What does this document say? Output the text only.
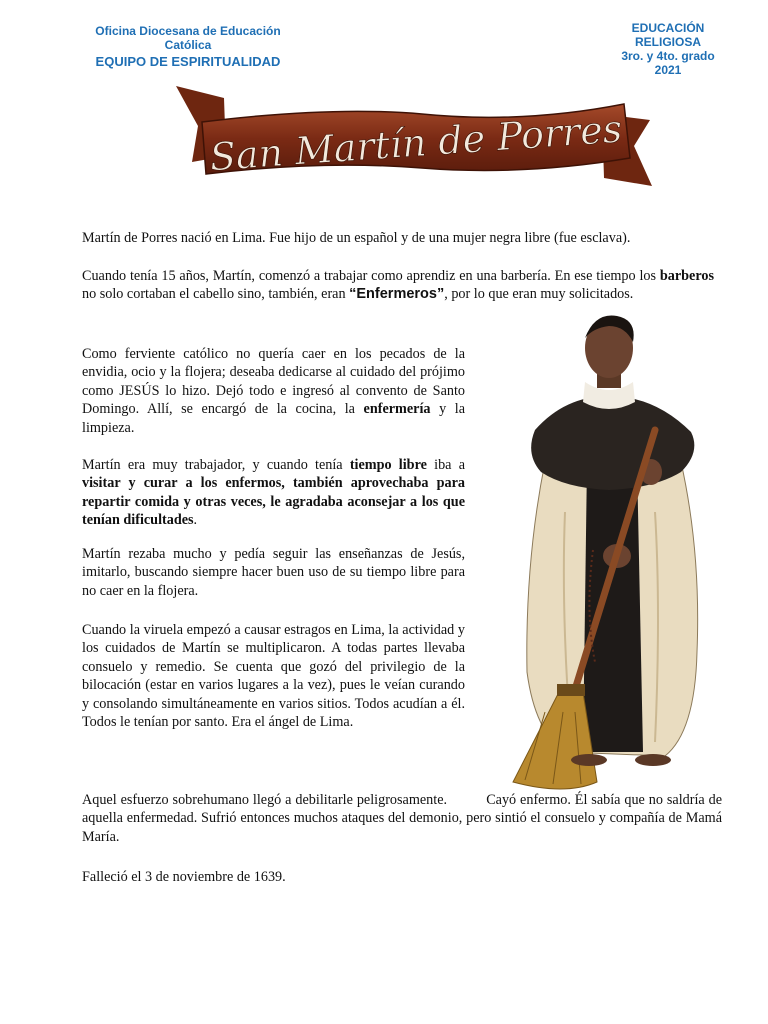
Oficina Diocesana de Educación
Católica
EQUIPO DE ESPIRITUALIDAD
EDUCACIÓN
RELIGIOSA
3ro. y 4to. grado
2021
San Martín de Porres
Martín de Porres nació en Lima. Fue hijo de un español y de una mujer negra libre (fue esclava).
Cuando tenía 15 años, Martín, comenzó a trabajar como aprendiz en una barbería. En ese tiempo los barberos no solo cortaban el cabello sino, también, eran “Enfermeros”, por lo que eran muy solicitados.
Como ferviente católico no quería caer en los pecados de la envidia, ocio y la flojera; deseaba dedicarse al cuidado del prójimo como JESÚS lo hizo. Dejó todo e ingresó al convento de Santo Domingo. Allí, se encargó de la cocina, la enfermería y la limpieza.
Martín era muy trabajador, y cuando tenía tiempo libre iba a visitar y curar a los enfermos, también aprovechaba para repartir comida y otras veces, le agradaba aconsejar a los que tenían dificultades.
Martín rezaba mucho y pedía seguir las enseñanzas de Jesús, imitarlo, buscando siempre hacer buen uso de su tiempo libre para no caer en la flojera.
Cuando la viruela empezó a causar estragos en Lima, la actividad y los cuidados de Martín se multiplicaron. A todas partes llevaba consuelo y remedio. Se cuenta que gozó del privilegio de la bilocación (estar en varios lugares a la vez), pues le veían curando y consolando simultáneamente en varios sitios. Todos acudían a él. Todos le tenían por santo. Era el ángel de Lima.
Aquel esfuerzo sobrehumano llegó a debilitarle peligrosamente.          Cayó enfermo. Él sabía que no saldría de aquella enfermedad. Sufrió entonces muchos ataques del demonio, pero sintió el consuelo y compañía de Mamá María.
Falleció el 3 de noviembre de 1639.
